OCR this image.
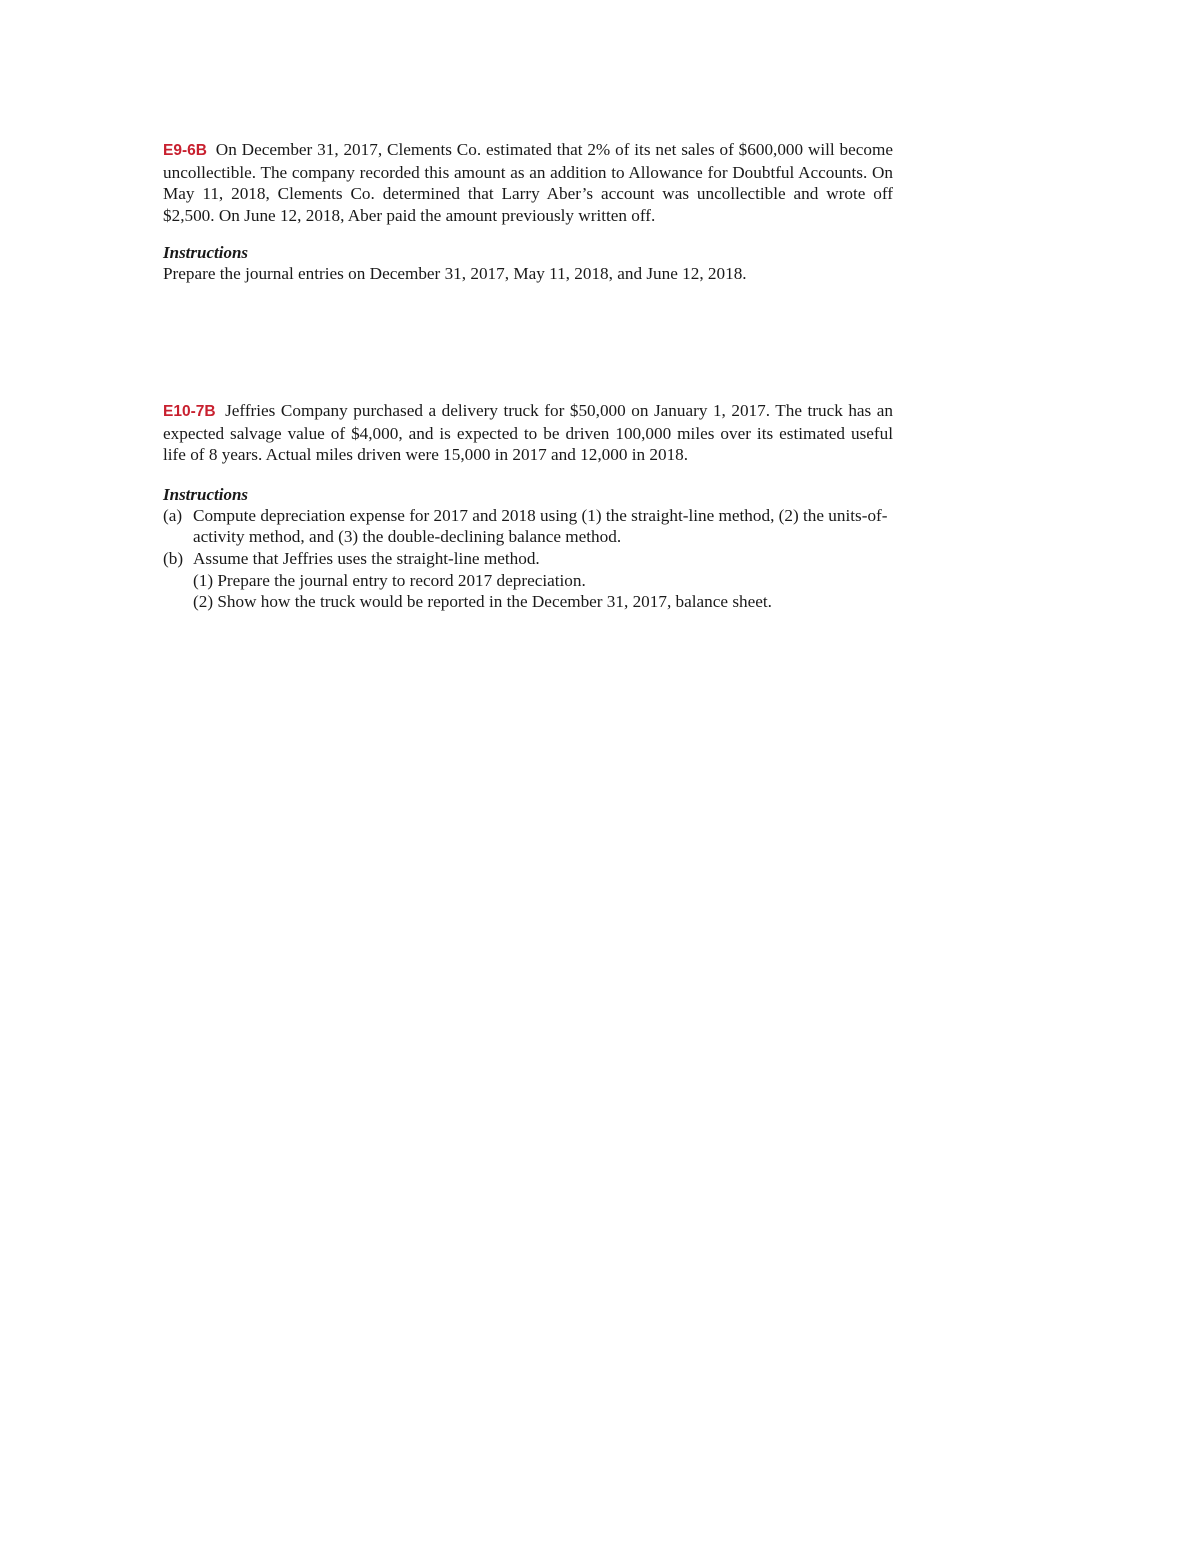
E9-6B On December 31, 2017, Clements Co. estimated that 2% of its net sales of $600,000 will become uncollectible. The company recorded this amount as an addition to Allowance for Doubtful Accounts. On May 11, 2018, Clements Co. determined that Larry Aber’s account was uncollectible and wrote off $2,500. On June 12, 2018, Aber paid the amount previously written off.

Instructions

Prepare the journal entries on December 31, 2017, May 11, 2018, and June 12, 2018.

E10-7B Jeffries Company purchased a delivery truck for $50,000 on January 1, 2017. The truck has an expected salvage value of $4,000, and is expected to be driven 100,000 miles over its estimated useful life of 8 years. Actual miles driven were 15,000 in 2017 and 12,000 in 2018.

Instructions

(a) Compute depreciation expense for 2017 and 2018 using (1) the straight-line method, (2) the units-of-activity method, and (3) the double-declining balance method.
(b) Assume that Jeffries uses the straight-line method.

(1) Prepare the journal entry to record 2017 depreciation.

(2) Show how the truck would be reported in the December 31, 2017, balance sheet.
